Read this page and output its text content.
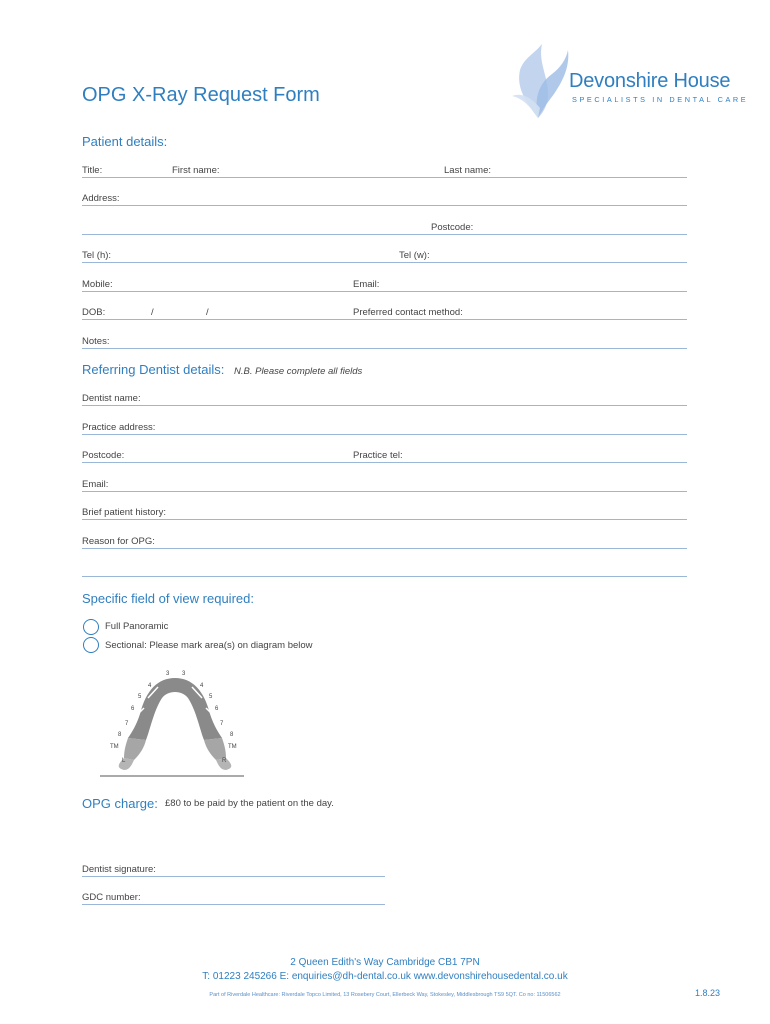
Devonshire House
SPECIALISTS IN DENTAL CARE
OPG X-Ray Request Form
Patient details:
Title:	First name:	Last name:
Address:
Postcode:
Tel (h):	Tel (w):
Mobile:	Email:
DOB:	/	/	Preferred contact method:
Notes:
Referring Dentist details: N.B. Please complete all fields
Dentist name:
Practice address:
Postcode:	Practice tel:
Email:
Brief patient history:
Reason for OPG:
Specific field of view required:
Full Panoramic
Sectional: Please mark area(s) on diagram below
3 3
4	4
5	5
6	6
7	7
8	8
TM	TM
L	R
OPG charge: £80 to be paid by the patient on the day.
Dentist signature:
GDC number:
2 Queen Edith's Way Cambridge CB1 7PN
T: 01223 245266 E: enquiries@dh-dental.co.uk www.devonshirehousedental.co.uk
Part of Riverdale Healthcare: Riverdale Topco Limited, 13 Rosebery Court, Ellerbeck Way, Stokesley, Middlesbrough TS9 5QT. Co no: 11506562	1.8.23
